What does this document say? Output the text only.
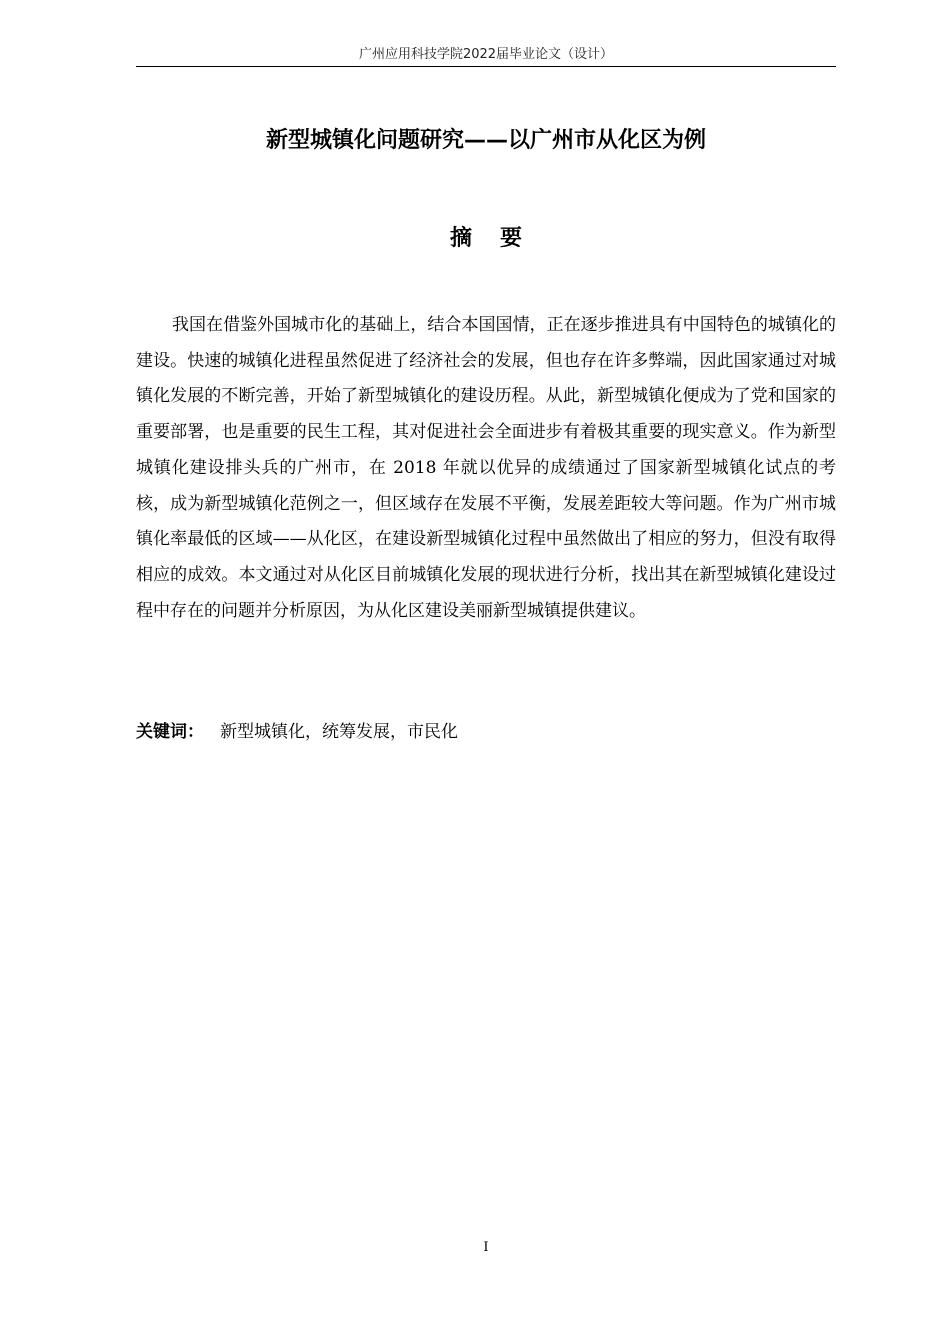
广州应用科技学院2022届毕业论文（设计）
新型城镇化问题研究——以广州市从化区为例
摘要

我国在借鉴外国城市化的基础上，结合本国国情，正在逐步推进具有中国特色的城镇化的建设。快速的城镇化进程虽然促进了经济社会的发展，但也存在许多弊端，因此国家通过对城镇化发展的不断完善，开始了新型城镇化的建设历程。从此，新型城镇化便成为了党和国家的重要部署，也是重要的民生工程，其对促进社会全面进步有着极其重要的现实意义。作为新型城镇化建设排头兵的广州市，在 2018 年就以优异的成绩通过了国家新型城镇化试点的考核，成为新型城镇化范例之一，但区域存在发展不平衡，发展差距较大等问题。作为广州市城镇化率最低的区域——从化区，在建设新型城镇化过程中虽然做出了相应的努力，但没有取得相应的成效。本文通过对从化区目前城镇化发展的现状进行分析，找出其在新型城镇化建设过程中存在的问题并分析原因，为从化区建设美丽新型城镇提供建议。

关键词： 新型城镇化，统筹发展，市民化
I
